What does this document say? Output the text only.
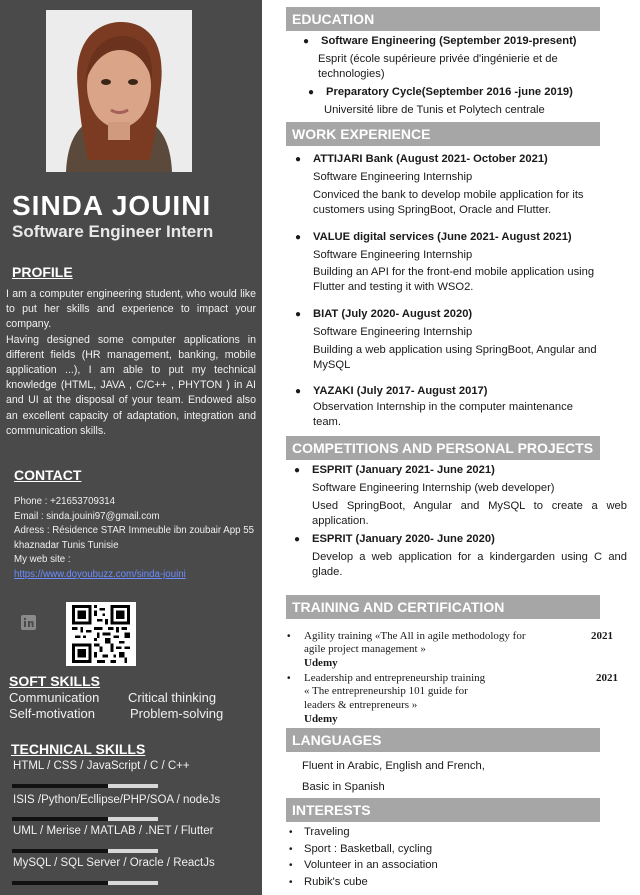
SINDA JOUINI
Software Engineer Intern
PROFILE

I am a computer engineering student, who would like to put her skills and experience to impact your company.

Having designed some computer applications in different fields (HR management, banking, mobile application ...), I am able to put my technical knowledge (HTML, JAVA , C/C++ , PHYTON ) in AI and UI at the disposal of your team. Endowed also an excellent capacity of adaptation, integration and communication skills.

CONTACT
Phone : +21653709314
Email : sinda.jouini97@gmail.com
Adress : Résidence STAR Immeuble ibn zoubair App 55 khaznadar Tunis Tunisie
My web site :
https://www.doyoubuzz.com/sinda-jouini
SOFT SKILLS
Communication Critical thinking
Self-motivation	Problem-solving
TECHNICAL SKILLS
HTML / CSS / JavaScript / C / C++
ISIS /Python/Ecllipse/PHP/SOA / nodeJs
UML / Merise / MATLAB / .NET / Flutter
MySQL / SQL Server / Oracle / ReactJs
EDUCATION
● Software Engineering (September 2019-present)
Esprit (école supérieure privée d'ingénierie et de
technologies)
● Preparatory Cycle(September 2016 -june 2019)
Université libre de Tunis et Polytech centrale
WORK EXPERIENCE
● ATTIJARI Bank (August 2021- October 2021)
Software Engineering Internship
Conviced the bank to develop mobile application for its customers using SpringBoot, Oracle and Flutter.
● VALUE digital services (June 2021- August 2021)
Software Engineering Internship
Building an API for the front-end mobile application using Flutter and testing it with WSO2.
● BIAT (July 2020- August 2020)
Software Engineering Internship
Building a web application using SpringBoot, Angular and MySQL
● YAZAKI (July 2017- August 2017)
Observation Internship in the computer maintenance team.
COMPETITIONS AND PERSONAL PROJECTS
● ESPRIT (January 2021- June 2021)
Software Engineering Internship (web developer)
Used SpringBoot, Angular and MySQL to create a web application.
● ESPRIT (January 2020- June 2020)
Develop a web application for a kindergarden using C and glade.
TRAINING AND CERTIFICATION
• Agility training «The All in agile methodology for
agile project management »
Udemy
2021
• Leadership and entrepreneurship training
« The entrepreneurship 101 guide for
leaders & entrepreneurs »
Udemy
2021
LANGUAGES
Fluent in Arabic, English and French,
Basic in Spanish
INTERESTS
• Traveling
• Sport : Basketball, cycling
• Volunteer in an association
• Rubik's cube
